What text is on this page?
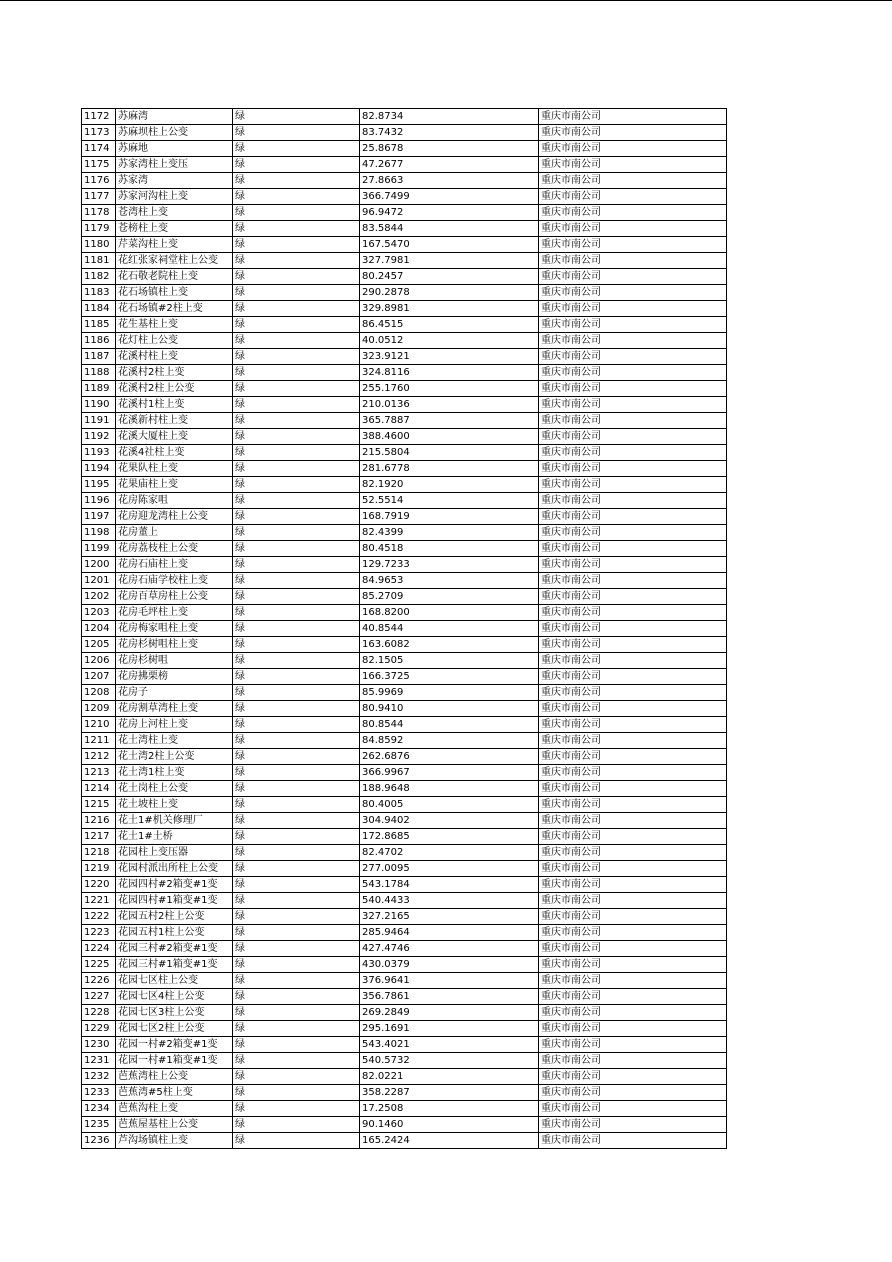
1172	苏麻湾	绿	82.8734	重庆市南公司
1173	苏麻坝柱上公变	绿	83.7432	重庆市南公司
1174	苏麻地	绿	25.8678	重庆市南公司
1175	苏家湾柱上变压	绿	47.2677	重庆市南公司
1176	苏家湾	绿	27.8663	重庆市南公司
1177	苏家河沟柱上变	绿	366.7499	重庆市南公司
1178	苍湾柱上变	绿	96.9472	重庆市南公司
1179	苍榜柱上变	绿	83.5844	重庆市南公司
1180	芹菜沟柱上变	绿	167.5470	重庆市南公司
1181	花红张家祠堂柱上公变	绿	327.7981	重庆市南公司
1182	花石敬老院柱上变	绿	80.2457	重庆市南公司
1183	花石场镇柱上变	绿	290.2878	重庆市南公司
1184	花石场镇#2柱上变	绿	329.8981	重庆市南公司
1185	花生基柱上变	绿	86.4515	重庆市南公司
1186	花灯柱上公变	绿	40.0512	重庆市南公司
1187	花溪村柱上变	绿	323.9121	重庆市南公司
1188	花溪村2柱上变	绿	324.8116	重庆市南公司
1189	花溪村2柱上公变	绿	255.1760	重庆市南公司
1190	花溪村1柱上变	绿	210.0136	重庆市南公司
1191	花溪新村柱上变	绿	365.7887	重庆市南公司
1192	花溪大厦柱上变	绿	388.4600	重庆市南公司
1193	花溪4社柱上变	绿	215.5804	重庆市南公司
1194	花果队柱上变	绿	281.6778	重庆市南公司
1195	花果庙柱上变	绿	82.1920	重庆市南公司
1196	花房陈家咀	绿	52.5514	重庆市南公司
1197	花房迎龙湾柱上公变	绿	168.7919	重庆市南公司
1198	花房董上	绿	82.4399	重庆市南公司
1199	花房荔枝柱上公变	绿	80.4518	重庆市南公司
1200	花房石庙柱上变	绿	129.7233	重庆市南公司
1201	花房石庙学校柱上变	绿	84.9653	重庆市南公司
1202	花房百草房柱上公变	绿	85.2709	重庆市南公司
1203	花房毛坪柱上变	绿	168.8200	重庆市南公司
1204	花房梅家咀柱上变	绿	40.8544	重庆市南公司
1205	花房杉树咀柱上变	绿	163.6082	重庆市南公司
1206	花房杉树咀	绿	82.1505	重庆市南公司
1207	花房拂栗榜	绿	166.3725	重庆市南公司
1208	花房子	绿	85.9969	重庆市南公司
1209	花房割草湾柱上变	绿	80.9410	重庆市南公司
1210	花房上河柱上变	绿	80.8544	重庆市南公司
1211	花土湾柱上变	绿	84.8592	重庆市南公司
1212	花土湾2柱上公变	绿	262.6876	重庆市南公司
1213	花土湾1柱上变	绿	366.9967	重庆市南公司
1214	花土岗柱上公变	绿	188.9648	重庆市南公司
1215	花土坡柱上变	绿	80.4005	重庆市南公司
1216	花土1#机关修理厂	绿	304.9402	重庆市南公司
1217	花土1#土桥	绿	172.8685	重庆市南公司
1218	花园柱上变压器	绿	82.4702	重庆市南公司
1219	花园村派出所柱上公变	绿	277.0095	重庆市南公司
1220	花园四村#2箱变#1变	绿	543.1784	重庆市南公司
1221	花园四村#1箱变#1变	绿	540.4433	重庆市南公司
1222	花园五村2柱上公变	绿	327.2165	重庆市南公司
1223	花园五村1柱上公变	绿	285.9464	重庆市南公司
1224	花园三村#2箱变#1变	绿	427.4746	重庆市南公司
1225	花园三村#1箱变#1变	绿	430.0379	重庆市南公司
1226	花园七区柱上公变	绿	376.9641	重庆市南公司
1227	花园七区4柱上公变	绿	356.7861	重庆市南公司
1228	花园七区3柱上公变	绿	269.2849	重庆市南公司
1229	花园七区2柱上公变	绿	295.1691	重庆市南公司
1230	花园一村#2箱变#1变	绿	543.4021	重庆市南公司
1231	花园一村#1箱变#1变	绿	540.5732	重庆市南公司
1232	芭蕉湾柱上公变	绿	82.0221	重庆市南公司
1233	芭蕉湾#5柱上变	绿	358.2287	重庆市南公司
1234	芭蕉沟柱上变	绿	17.2508	重庆市南公司
1235	芭蕉屋基柱上公变	绿	90.1460	重庆市南公司
1236	芦沟场镇柱上变	绿	165.2424	重庆市南公司
